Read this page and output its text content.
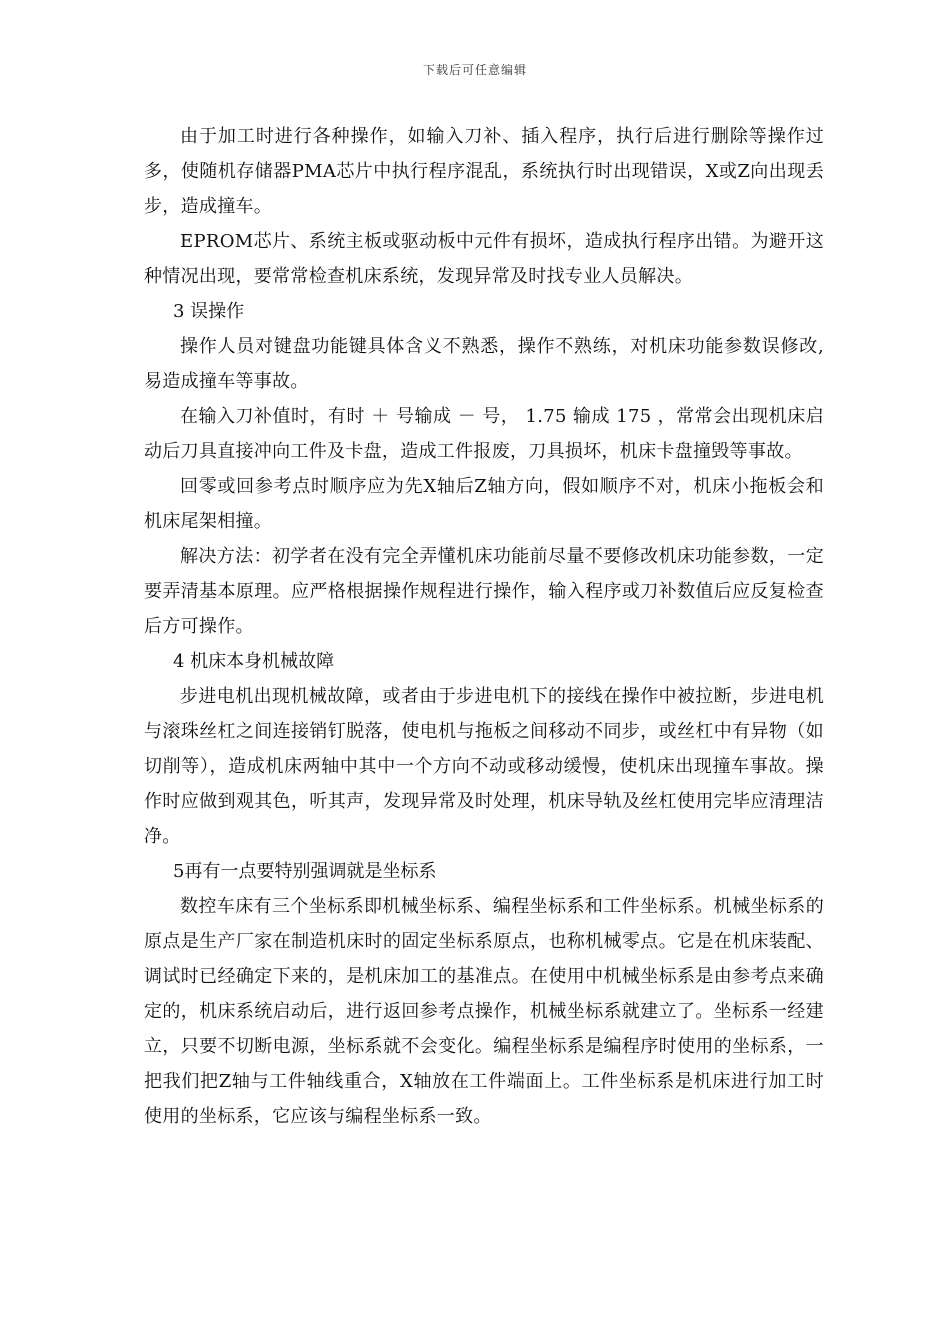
下载后可任意编辑

由于加工时进行各种操作，如输入刀补、插入程序，执行后进行删除等操作过多，使随机存储器PMA芯片中执行程序混乱，系统执行时出现错误，X或Z向出现丢步，造成撞车。

EPROM芯片、系统主板或驱动板中元件有损坏，造成执行程序出错。为避开这种情况出现，要常常检查机床系统，发现异常及时找专业人员解决。

3 误操作

操作人员对键盘功能键具体含义不熟悉，操作不熟练，对机床功能参数误修改,易造成撞车等事故。

在输入刀补值时，有时 ＋ 号输成 － 号， 1.75 输成 175 ，常常会出现机床启动后刀具直接冲向工件及卡盘，造成工件报废，刀具损坏，机床卡盘撞毁等事故。

回零或回参考点时顺序应为先X轴后Z轴方向，假如顺序不对，机床小拖板会和机床尾架相撞。

解决方法：初学者在没有完全弄懂机床功能前尽量不要修改机床功能参数，一定要弄清基本原理。应严格根据操作规程进行操作，输入程序或刀补数值后应反复检查后方可操作。

4 机床本身机械故障

步进电机出现机械故障，或者由于步进电机下的接线在操作中被拉断，步进电机与滚珠丝杠之间连接销钉脱落，使电机与拖板之间移动不同步，或丝杠中有异物（如切削等），造成机床两轴中其中一个方向不动或移动缓慢，使机床出现撞车事故。操作时应做到观其色，听其声，发现异常及时处理，机床导轨及丝杠使用完毕应清理洁净。

5再有一点要特别强调就是坐标系

数控车床有三个坐标系即机械坐标系、编程坐标系和工件坐标系。机械坐标系的原点是生产厂家在制造机床时的固定坐标系原点，也称机械零点。它是在机床装配、调试时已经确定下来的，是机床加工的基准点。在使用中机械坐标系是由参考点来确定的，机床系统启动后，进行返回参考点操作，机械坐标系就建立了。坐标系一经建立，只要不切断电源，坐标系就不会变化。编程坐标系是编程序时使用的坐标系，一把我们把Z轴与工件轴线重合，X轴放在工件端面上。工件坐标系是机床进行加工时使用的坐标系，它应该与编程坐标系一致。
